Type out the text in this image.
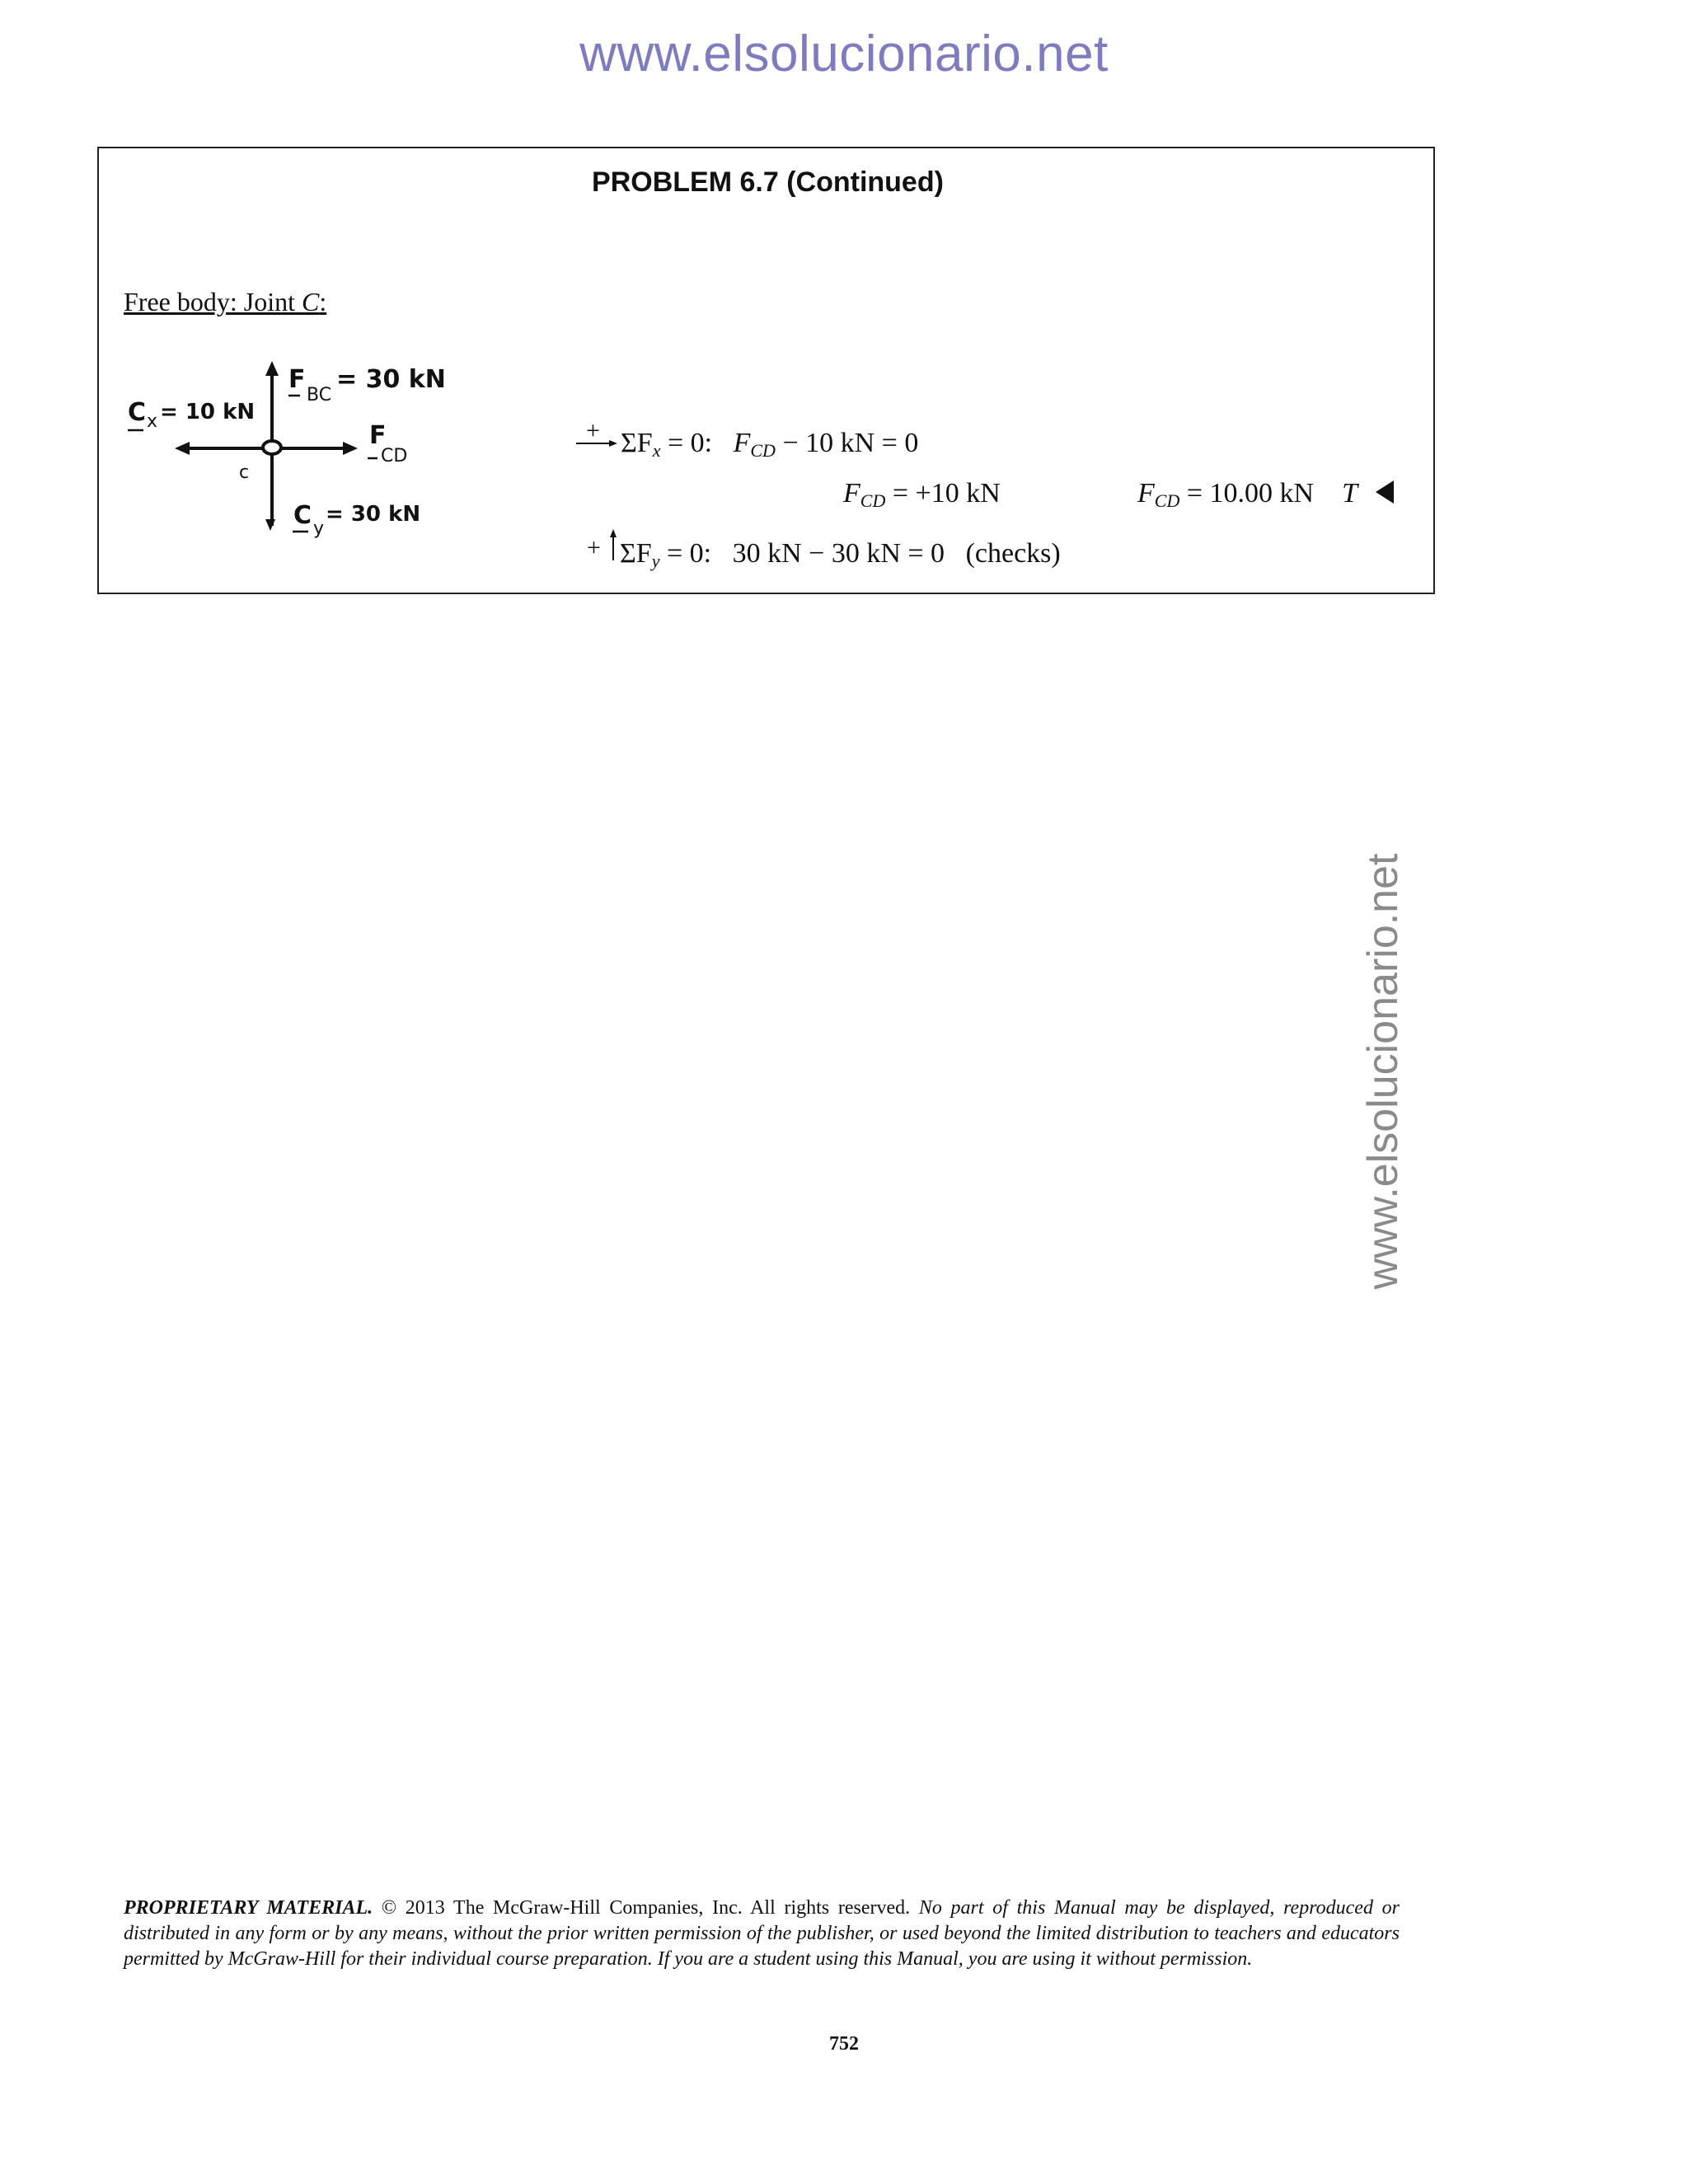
www.elsolucionario.net
www.elsolucionario.net
PROBLEM 6.7 (Continued)
Free body: Joint C:
F
BC
= 30 kN
C x = 10 kN
c
F
CD
C y
= 30 kN
+ $\Sigma F_x = 0$: $F_{CD} - 10$ kN = 0
$F_{CD} = +10$ kN	$F_{CD} = 10.00$ kN T
+ $\Sigma F_y = 0$: 30 kN − 30 kN = 0 (checks)
PROPRIETARY MATERIAL. © 2013 The McGraw-Hill Companies, Inc. All rights reserved. No part of this Manual may be displayed, reproduced or distributed in any form or by any means, without the prior written permission of the publisher, or used beyond the limited distribution to teachers and educators permitted by McGraw-Hill for their individual course preparation. If you are a student using this Manual, you are using it without permission.
752
